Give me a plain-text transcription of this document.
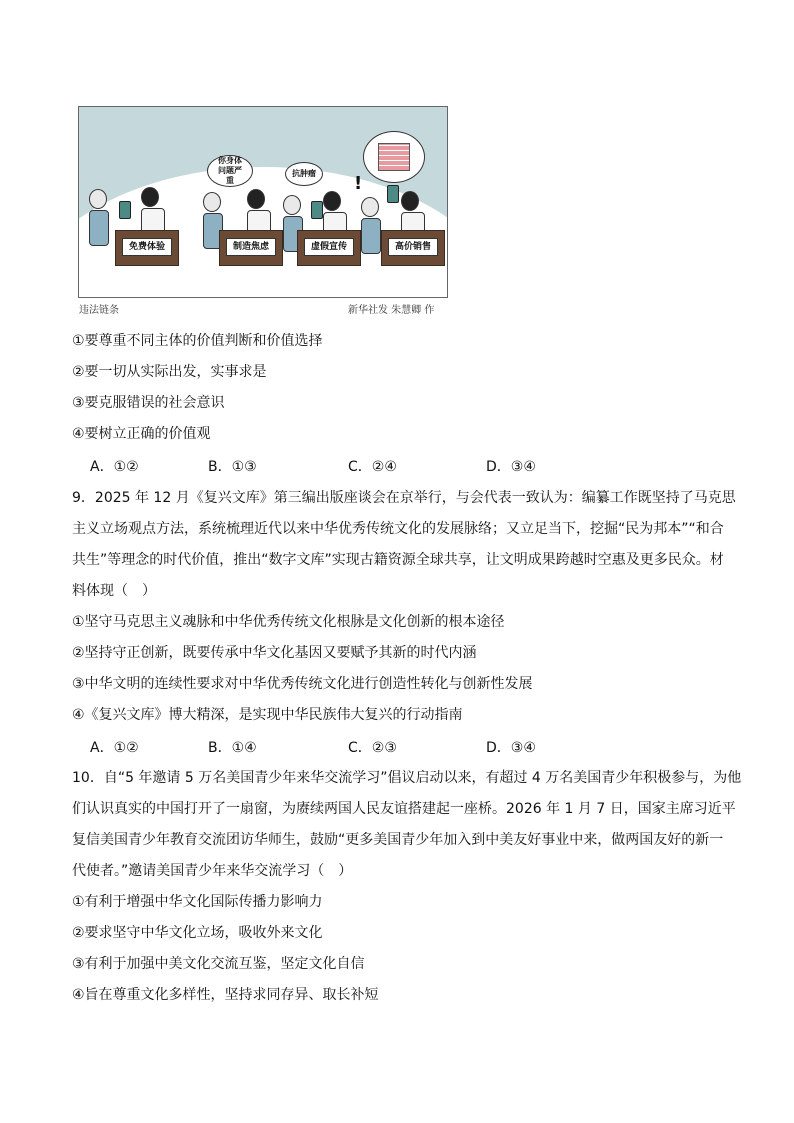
免费体验
你身体问题严重
制造焦虑
抗肿瘤
虚假宣传
!
高价销售
违法链条	新华社发 朱慧卿 作
①要尊重不同主体的价值判断和价值选择
②要一切从实际出发，实事求是
③要克服错误的社会意识
④要树立正确的价值观
A．①②	B．①③	C．②④	D．③④
9．2025 年 12 月《复兴文库》第三编出版座谈会在京举行，与会代表一致认为：编纂工作既坚持了马克思
主义立场观点方法，系统梳理近代以来中华优秀传统文化的发展脉络；又立足当下，挖掘“民为邦本”“和合
共生”等理念的时代价值，推出“数字文库”实现古籍资源全球共享，让文明成果跨越时空惠及更多民众。材
料体现（　）
①坚守马克思主义魂脉和中华优秀传统文化根脉是文化创新的根本途径
②坚持守正创新，既要传承中华文化基因又要赋予其新的时代内涵
③中华文明的连续性要求对中华优秀传统文化进行创造性转化与创新性发展
④《复兴文库》博大精深，是实现中华民族伟大复兴的行动指南
A．①②	B．①④	C．②③	D．③④
10．自“5 年邀请 5 万名美国青少年来华交流学习”倡议启动以来，有超过 4 万名美国青少年积极参与，为他
们认识真实的中国打开了一扇窗，为赓续两国人民友谊搭建起一座桥。2026 年 1 月 7 日，国家主席习近平
复信美国青少年教育交流团访华师生，鼓励“更多美国青少年加入到中美友好事业中来，做两国友好的新一
代使者。”邀请美国青少年来华交流学习（　）
①有利于增强中华文化国际传播力影响力
②要求坚守中华文化立场，吸收外来文化
③有利于加强中美文化交流互鉴，坚定文化自信
④旨在尊重文化多样性，坚持求同存异、取长补短
